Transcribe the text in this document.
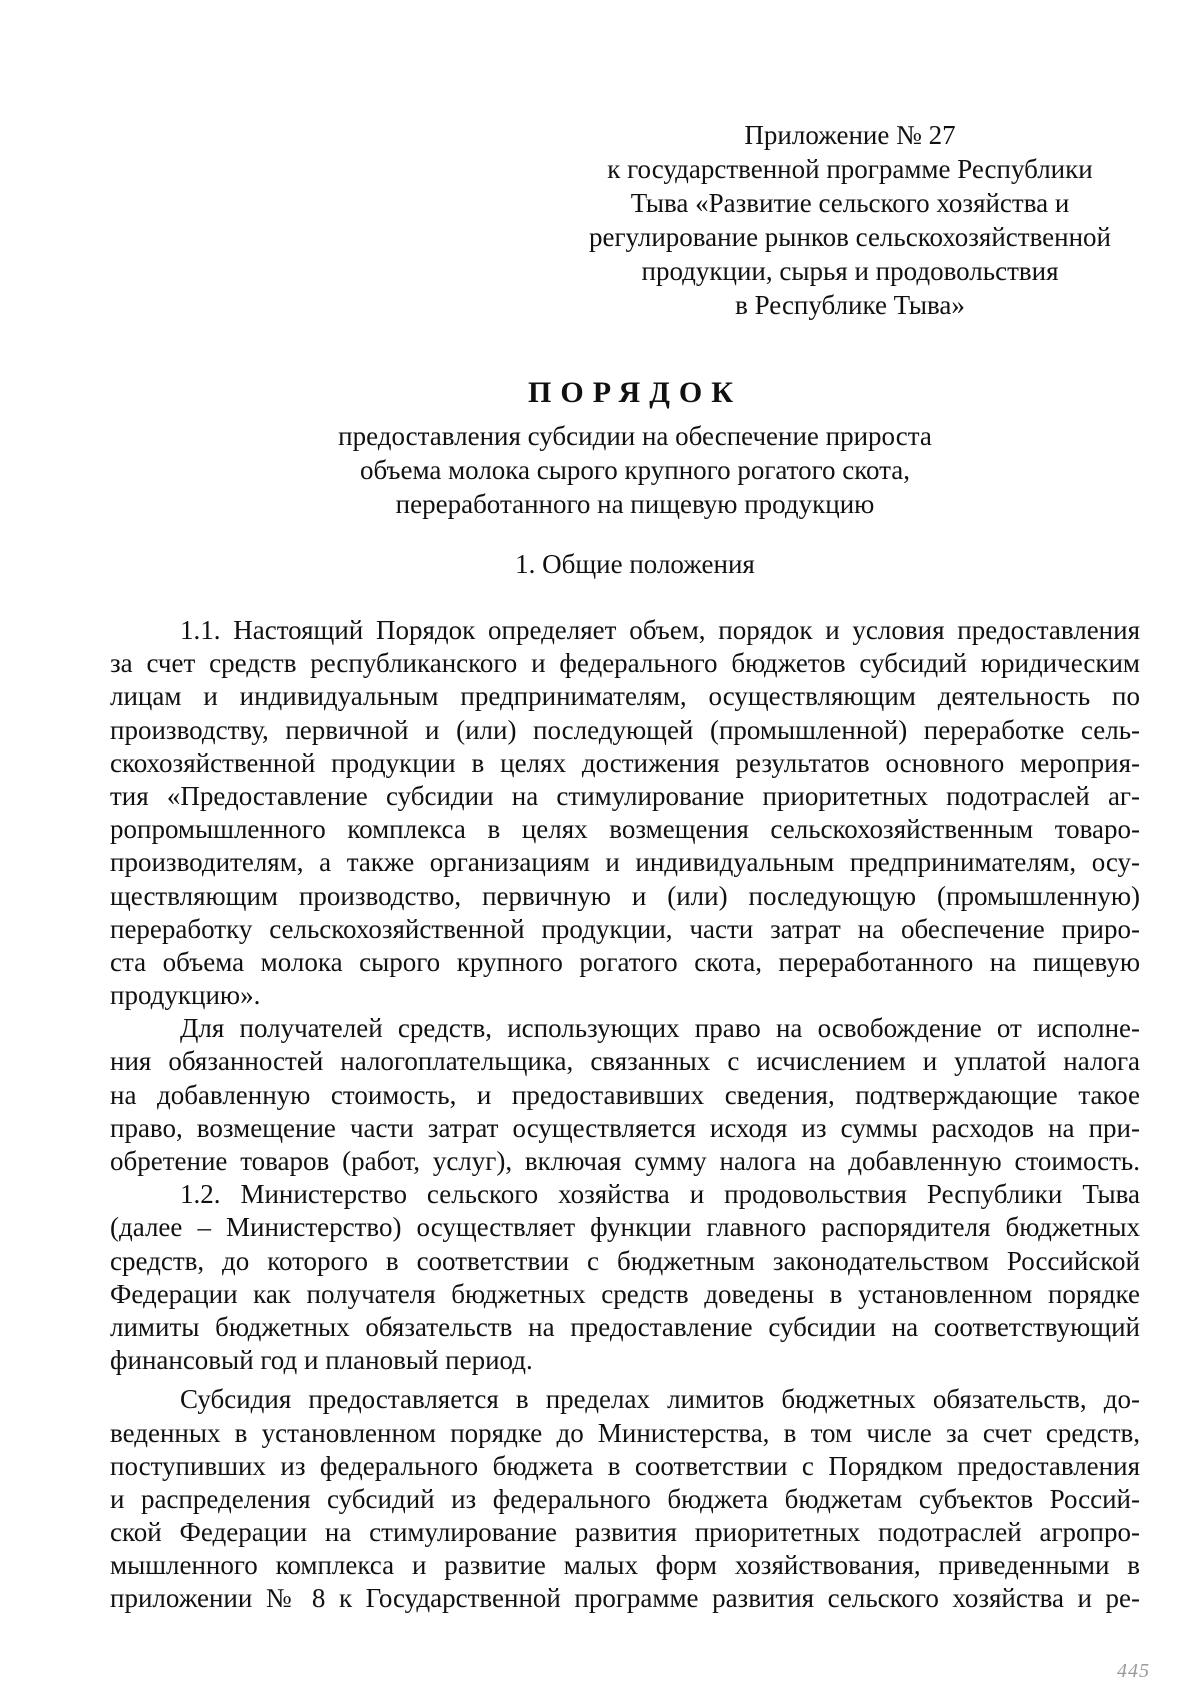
Приложение № 27
к государственной программе Республики
Тыва «Развитие сельского хозяйства и
регулирование рынков сельскохозяйственной
продукции, сырья и продовольствия
в Республике Тыва»
ПОРЯДОК
предоставления субсидии на обеспечение прироста
объема молока сырого крупного рогатого скота,
переработанного на пищевую продукцию
1. Общие положения
1.1. Настоящий Порядок определяет объем, порядок и условия предоставления
за счет средств республиканского и федерального бюджетов субсидий юридическим
лицам и индивидуальным предпринимателям, осуществляющим деятельность по
производству, первичной и (или) последующей (промышленной) переработке сель-
скохозяйственной продукции в целях достижения результатов основного мероприя-
тия «Предоставление субсидии на стимулирование приоритетных подотраслей аг-
ропромышленного комплекса в целях возмещения сельскохозяйственным товаро-
производителям, а также организациям и индивидуальным предпринимателям, осу-
ществляющим производство, первичную и (или) последующую (промышленную)
переработку сельскохозяйственной продукции, части затрат на обеспечение приро-
ста объема молока сырого крупного рогатого скота, переработанного на пищевую
продукцию».
Для получателей средств, использующих право на освобождение от исполне-
ния обязанностей налогоплательщика, связанных с исчислением и уплатой налога
на добавленную стоимость, и предоставивших сведения, подтверждающие такое
право, возмещение части затрат осуществляется исходя из суммы расходов на при-
обретение товаров (работ, услуг), включая сумму налога на добавленную стоимость.
1.2. Министерство сельского хозяйства и продовольствия Республики Тыва
(далее – Министерство) осуществляет функции главного распорядителя бюджетных
средств, до которого в соответствии с бюджетным законодательством Российской
Федерации как получателя бюджетных средств доведены в установленном порядке
лимиты бюджетных обязательств на предоставление субсидии на соответствующий
финансовый год и плановый период.
Субсидия предоставляется в пределах лимитов бюджетных обязательств, до-
веденных в установленном порядке до Министерства, в том числе за счет средств,
поступивших из федерального бюджета в соответствии с Порядком предоставления
и распределения субсидий из федерального бюджета бюджетам субъектов Россий-
ской Федерации на стимулирование развития приоритетных подотраслей агропро-
мышленного комплекса и развитие малых форм хозяйствования, приведенными в
приложении № 8 к Государственной программе развития сельского хозяйства и ре-
445
